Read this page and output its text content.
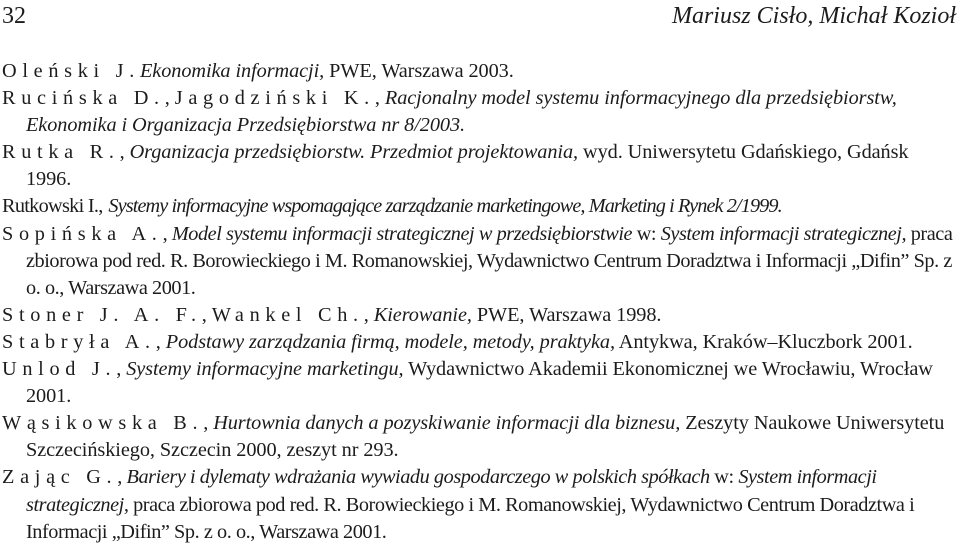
32	Mariusz Cisło, Michał Kozioł
Oleński J.Ekonomika informacji, PWE, Warszawa 2003.
Rucińska D., Jagodziński K., Racjonalny model systemu informacyjnego dla przedsiębiorstw, Ekonomika i Organizacja Przedsiębiorstwa nr 8/2003.
Rutka R., Organizacja przedsiębiorstw. Przedmiot projektowania, wyd. Uniwersytetu Gdańskiego, Gdańsk 1996.
Rutkowski I., Systemy informacyjne wspomagające zarządzanie marketingowe, Marketing i Rynek 2/1999.
Sopińska A., Model systemu informacji strategicznej w przedsiębiorstwie w: System informacji strategicznej, praca zbiorowa pod red. R. Borowieckiego i M. Romanowskiej, Wydawnictwo Centrum Doradztwa i Informacji „Difin” Sp. z o. o., Warszawa 2001.
Stoner J. A. F., Wankel Ch., Kierowanie, PWE, Warszawa 1998.
Stabryła A., Podstawy zarządzania firmą, modele, metody, praktyka, Antykwa, Kraków–Kluczbork 2001.
Unlod J., Systemy informacyjne marketingu, Wydawnictwo Akademii Ekonomicznej we Wrocławiu, Wrocław 2001.
Wąsikowska B., Hurtownia danych a pozyskiwanie informacji dla biznesu, Zeszyty Naukowe Uniwersytetu Szczecińskiego, Szczecin 2000, zeszyt nr 293.
Zając G., Bariery i dylematy wdrażania wywiadu gospodarczego w polskich spółkach w: System informacji strategicznej, praca zbiorowa pod red. R. Borowieckiego i M. Romanowskiej, Wydawnictwo Centrum Doradztwa i Informacji „Difin” Sp. z o. o., Warszawa 2001.
